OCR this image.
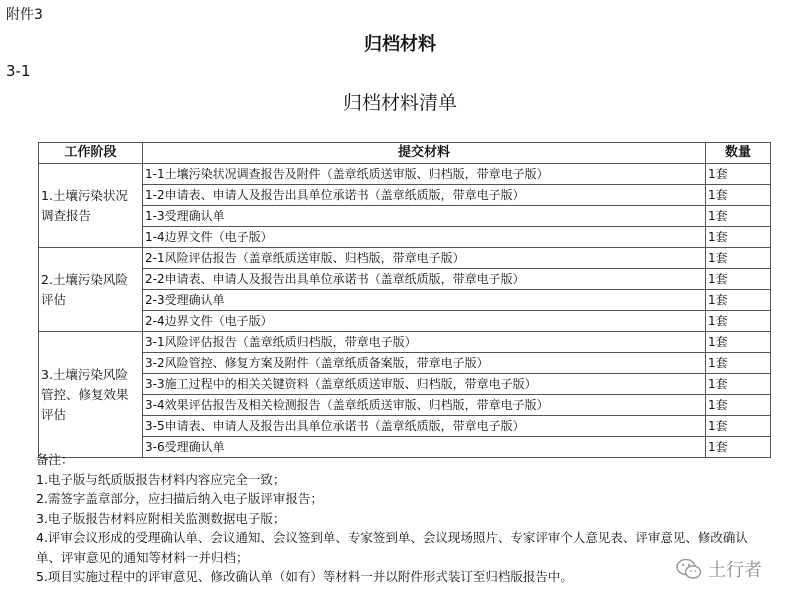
附件3
归档材料
3-1
归档材料清单
工作阶段	提交材料	数量
1.土壤污染状况调查报告	1-1土壤污染状况调查报告及附件（盖章纸质送审版、归档版，带章电子版）	1套
	1-2申请表、申请人及报告出具单位承诺书（盖章纸质版，带章电子版）	1套
	1-3受理确认单	1套
	1-4边界文件（电子版）	1套
2.土壤污染风险评估	2-1风险评估报告（盖章纸质送审版、归档版，带章电子版）	1套
	2-2申请表、申请人及报告出具单位承诺书（盖章纸质版，带章电子版）	1套
	2-3受理确认单	1套
	2-4边界文件（电子版）	1套
3.土壤污染风险管控、修复效果评估	3-1风险评估报告（盖章纸质归档版，带章电子版）	1套
	3-2风险管控、修复方案及附件（盖章纸质备案版，带章电子版）	1套
	3-3施工过程中的相关关键资料（盖章纸质送审版、归档版，带章电子版）	1套
	3-4效果评估报告及相关检测报告（盖章纸质送审版、归档版，带章电子版）	1套
	3-5申请表、申请人及报告出具单位承诺书（盖章纸质版，带章电子版）	1套
	3-6受理确认单	1套
备注：
1.电子版与纸质版报告材料内容应完全一致；
2.需签字盖章部分，应扫描后纳入电子版评审报告；
3.电子版报告材料应附相关监测数据电子版；
4.评审会议形成的受理确认单、会议通知、会议签到单、专家签到单、会议现场照片、专家评审个人意见表、评审意见、修改确认
单、评审意见的通知等材料一并归档；
5.项目实施过程中的评审意见、修改确认单（如有）等材料一并以附件形式装订至归档版报告中。	土行者
